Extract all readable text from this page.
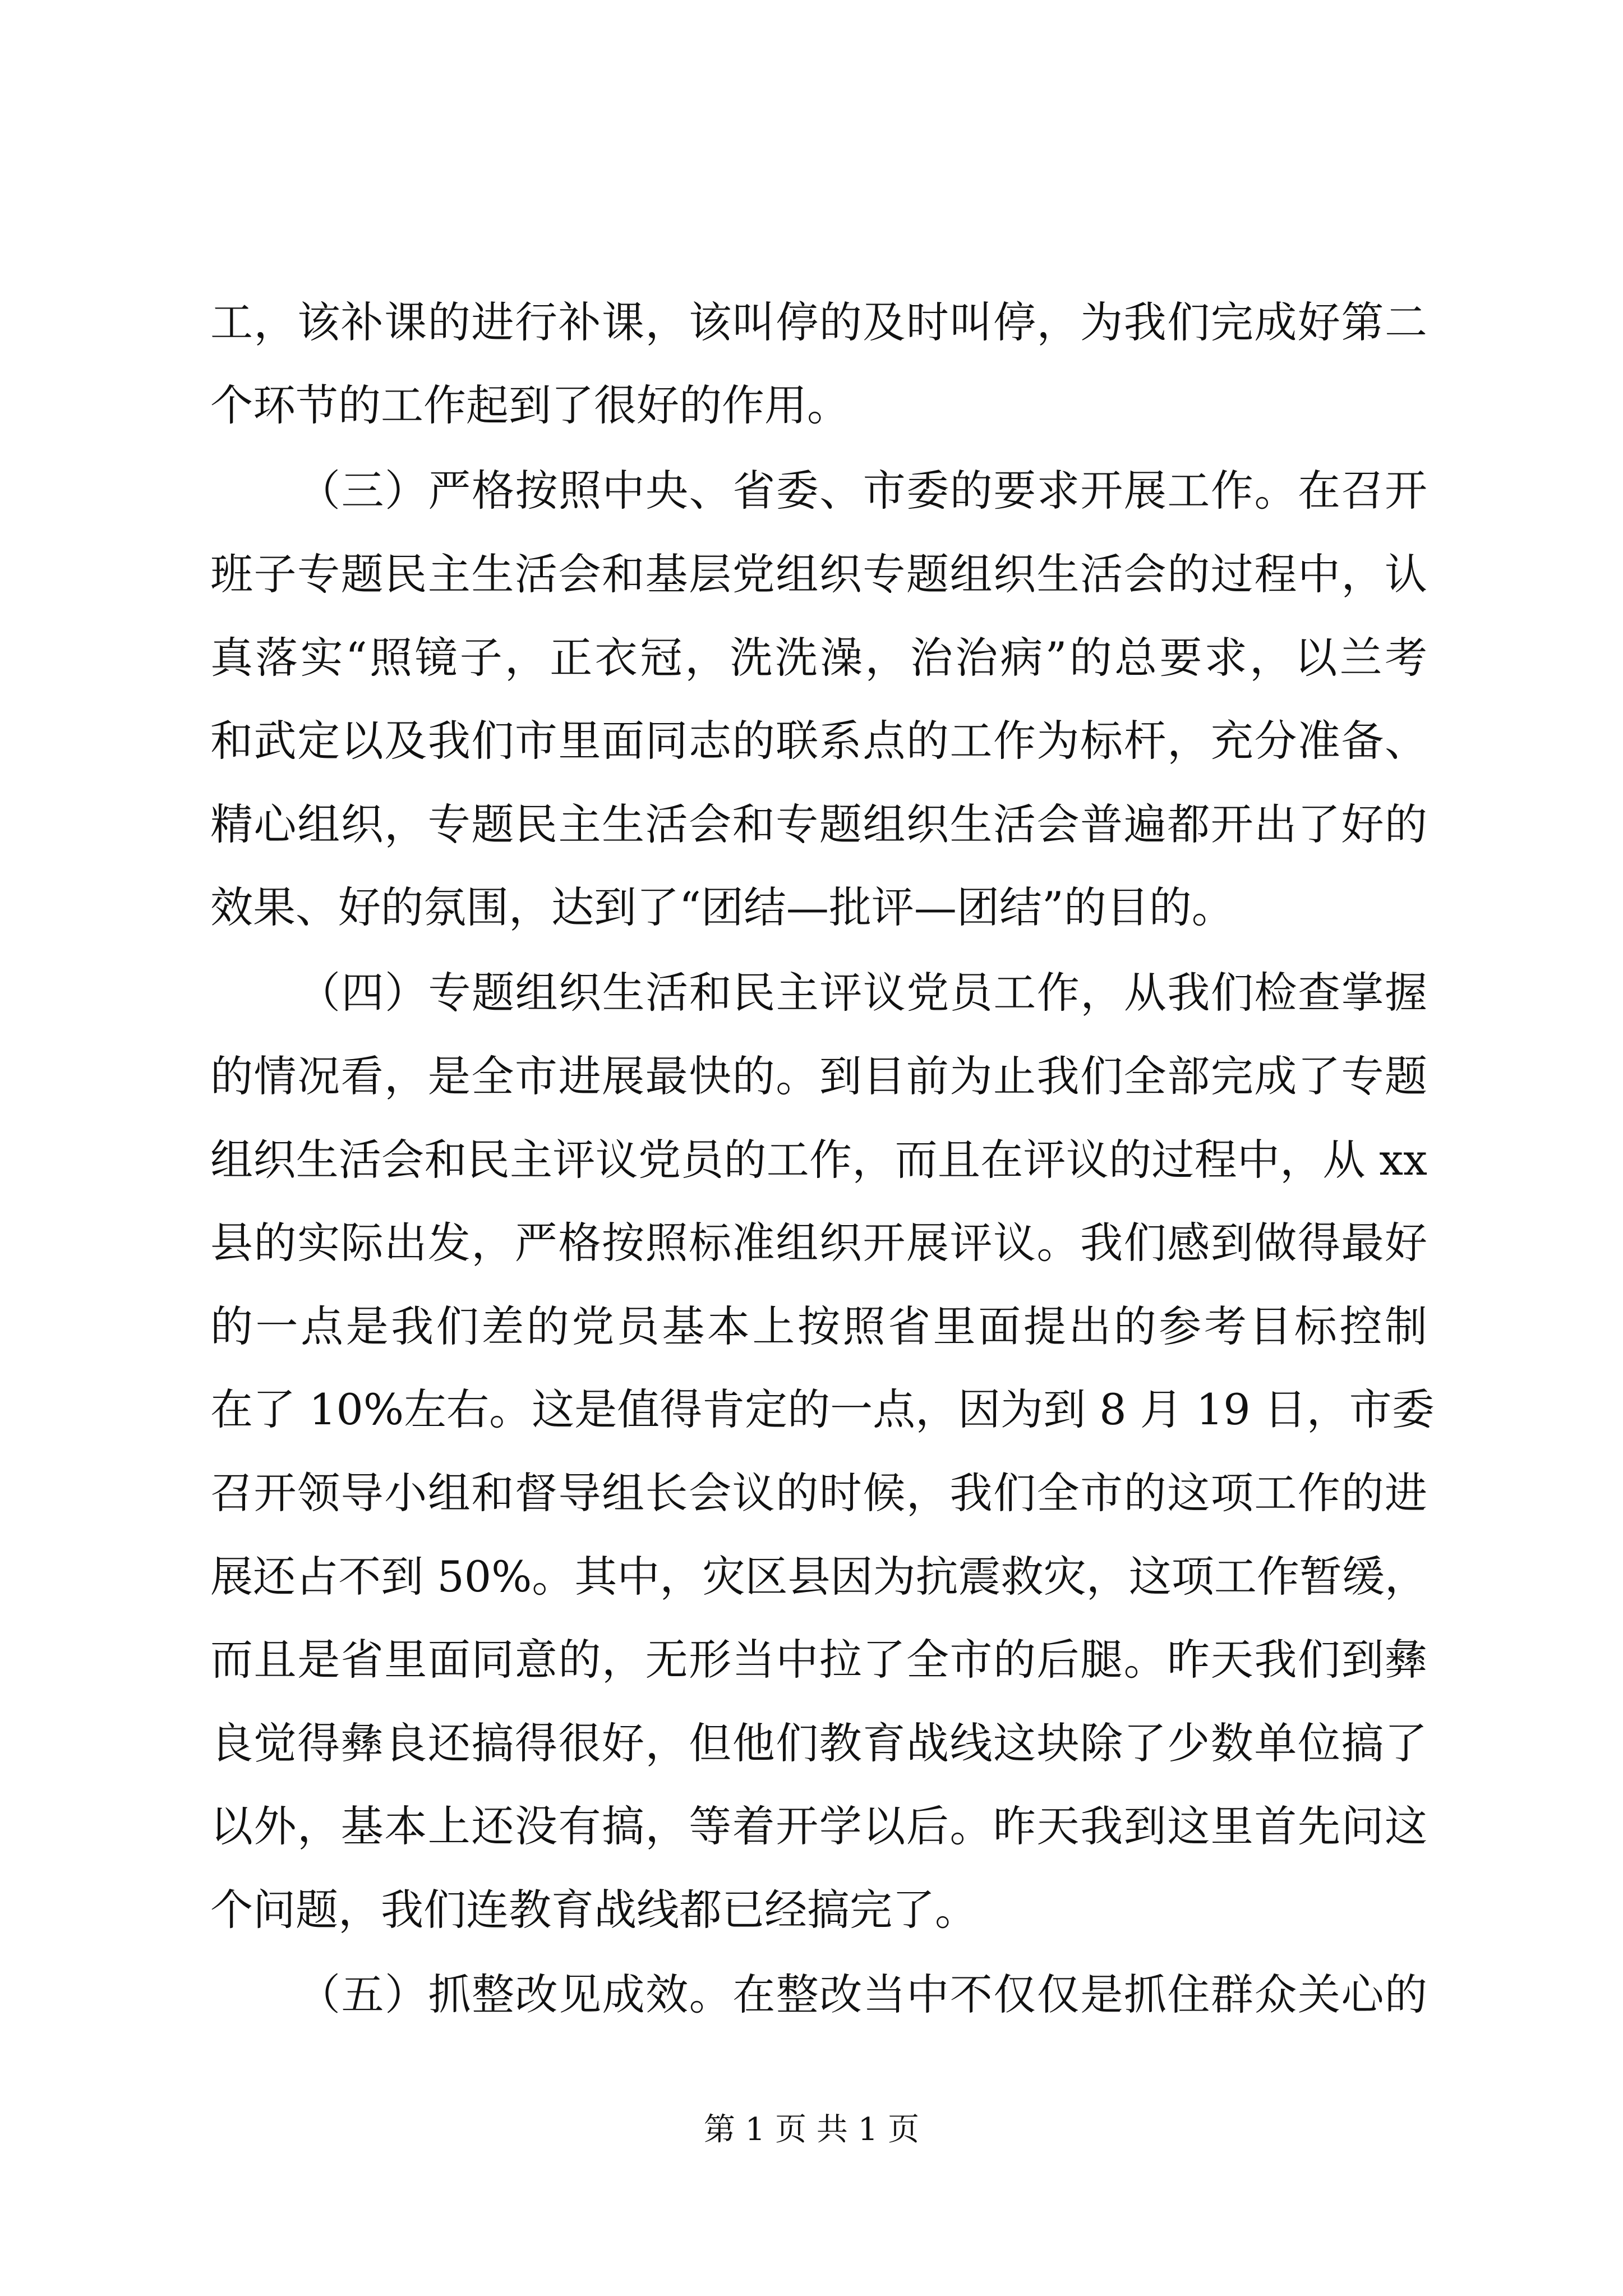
工，该补课的进行补课，该叫停的及时叫停，为我们完成好第二
个环节的工作起到了很好的作用。
（三）严格按照中央、省委、市委的要求开展工作。在召开
班子专题民主生活会和基层党组织专题组织生活会的过程中，认
真落实“照镜子，正衣冠，洗洗澡，治治病”的总要求，以兰考
和武定以及我们市里面同志的联系点的工作为标杆，充分准备、
精心组织，专题民主生活会和专题组织生活会普遍都开出了好的
效果、好的氛围，达到了“团结—批评—团结”的目的。
（四）专题组织生活和民主评议党员工作，从我们检查掌握
的情况看，是全市进展最快的。到目前为止我们全部完成了专题
组织生活会和民主评议党员的工作，而且在评议的过程中，从 xx
县的实际出发，严格按照标准组织开展评议。我们感到做得最好
的一点是我们差的党员基本上按照省里面提出的参考目标控制
在了 10%左右。这是值得肯定的一点，因为到 8 月 19 日，市委
召开领导小组和督导组长会议的时候，我们全市的这项工作的进
展还占不到 50%。其中，灾区县因为抗震救灾，这项工作暂缓，
而且是省里面同意的，无形当中拉了全市的后腿。昨天我们到彝
良觉得彝良还搞得很好，但他们教育战线这块除了少数单位搞了
以外，基本上还没有搞，等着开学以后。昨天我到这里首先问这
个问题，我们连教育战线都已经搞完了。
（五）抓整改见成效。在整改当中不仅仅是抓住群众关心的
第 1 页 共 1 页
